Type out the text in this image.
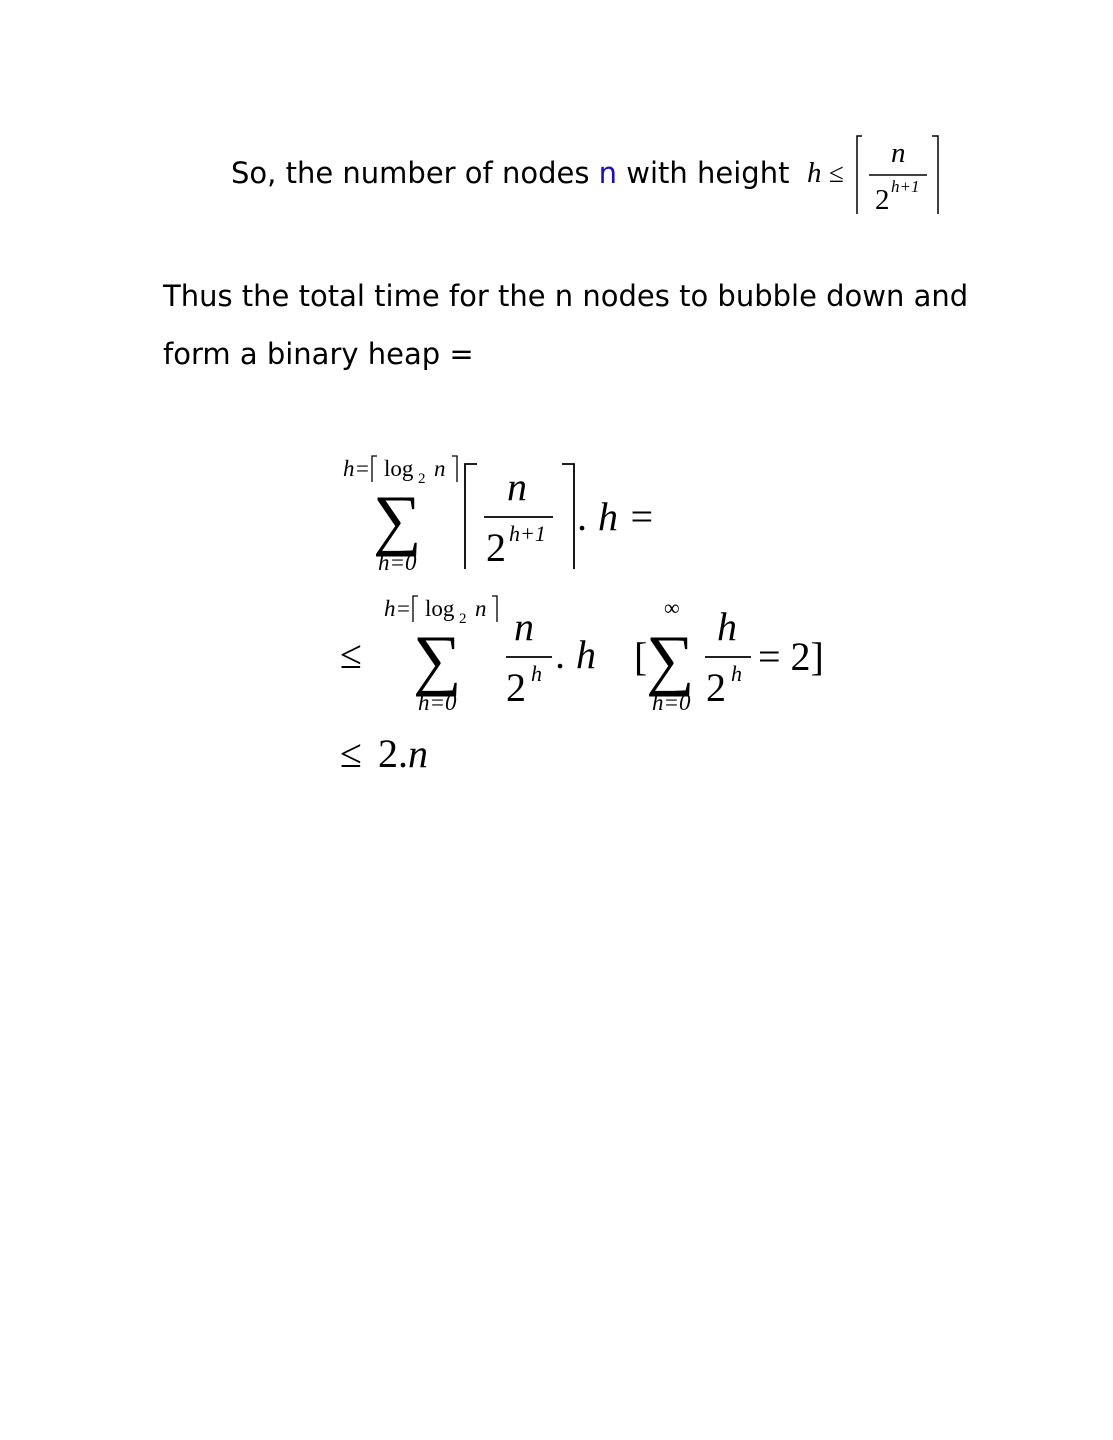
So, the number of nodes n with height h ≤
n
2 h+1
Thus the total time for the n nodes to bubble down and
form a binary heap =
h= log 2 n
∑
h=0
n
2 h+1 . h =
≤
h= log 2 n
∑
h=0
n
2 h . h [
∞
∑
h=0
h
2 h = 2]
≤ 2. n
